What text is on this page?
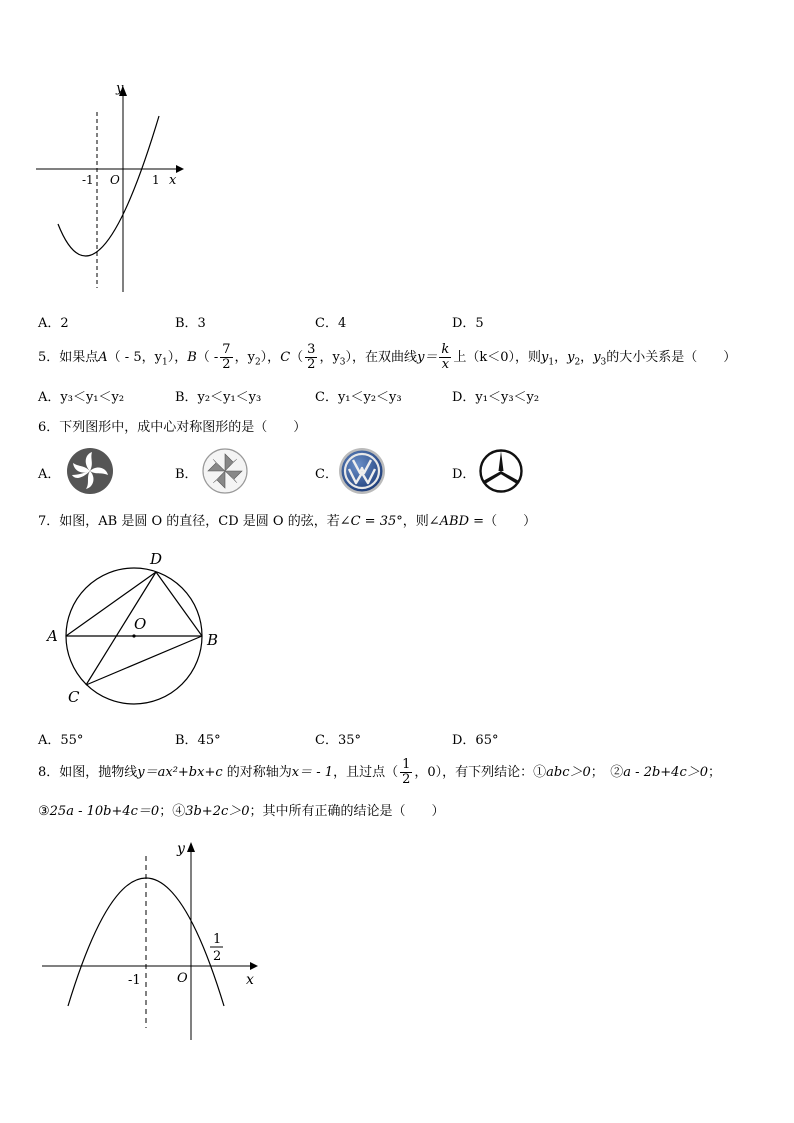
y
x
O
-1	1
A．2	B．3	C．4	D．5
5．如果点A（ - 5，$y_1$），$B( - \frac{7}{2}$ ，$y_2$），$C( \frac{3}{2}$ ，$y_3$），在双曲线$y= \frac{k}{x}$ 上（k＜0），则$y_1$，$y_2$，$y_3$的大小关系是（　　）
A．y₃＜y₁＜y₂	B．y₂＜y₁＜y₃	C．y₁＜y₂＜y₃	D．y₁＜y₃＜y₂
6．下列图形中，成中心对称图形的是（　　）
A．	B．	C．	D．
7．如图，AB 是圆 O 的直径，CD 是圆 O 的弦，若∠C = 35°，则∠ABD =（　　）
D
O
A	B
C
A．55°	B．45°	C．35°	D．65°
8．如图，抛物线y＝ax²+bx+c 的对称轴为x＝ - 1，且过点（ $\frac{1}{2}$ ，0），有下列结论：①abc＞0；　②a - 2b+4c＞0；
③25a - 10b+4c＝0；④3b+2c＞0；其中所有正确的结论是（　　）
y
x
O
-1
1
2
